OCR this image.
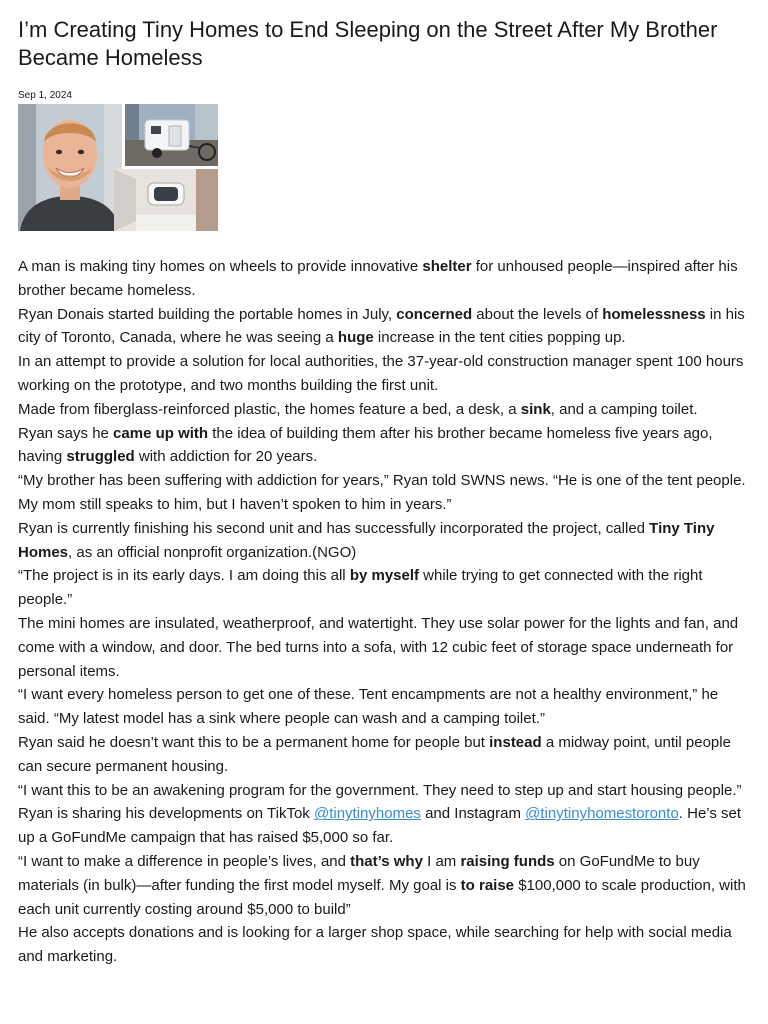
I’m Creating Tiny Homes to End Sleeping on the Street After My Brother Became Homeless
Sep 1, 2024

A man is making tiny homes on wheels to provide innovative shelter for unhoused people—inspired after his brother became homeless.

Ryan Donais started building the portable homes in July, concerned about the levels of homelessness in his city of Toronto, Canada, where he was seeing a huge increase in the tent cities popping up.

In an attempt to provide a solution for local authorities, the 37-year-old construction manager spent 100 hours working on the prototype, and two months building the first unit.

Made from fiberglass-reinforced plastic, the homes feature a bed, a desk, a sink, and a camping toilet.

Ryan says he came up with the idea of building them after his brother became homeless five years ago, having struggled with addiction for 20 years.

“My brother has been suffering with addiction for years,” Ryan told SWNS news. “He is one of the tent people. My mom still speaks to him, but I haven’t spoken to him in years.”

Ryan is currently finishing his second unit and has successfully incorporated the project, called Tiny Tiny Homes, as an official nonprofit organization.(NGO)

“The project is in its early days. I am doing this all by myself while trying to get connected with the right people.”

The mini homes are insulated, weatherproof, and watertight. They use solar power for the lights and fan, and come with a window, and door. The bed turns into a sofa, with 12 cubic feet of storage space underneath for personal items.

“I want every homeless person to get one of these. Tent encampments are not a healthy environment,” he said. “My latest model has a sink where people can wash and a camping toilet.”

Ryan said he doesn’t want this to be a permanent home for people but instead a midway point, until people can secure permanent housing.

“I want this to be an awakening program for the government. They need to step up and start housing people.”

Ryan is sharing his developments on TikTok @tinytinyhomes and Instagram @tinytinyhomestoronto. He’s set up a GoFundMe campaign that has raised $5,000 so far.

“I want to make a difference in people’s lives, and that’s why I am raising funds on GoFundMe to buy materials (in bulk)—after funding the first model myself. My goal is to raise $100,000 to scale production, with each unit currently costing around $5,000 to build”

He also accepts donations and is looking for a larger shop space, while searching for help with social media and marketing.
